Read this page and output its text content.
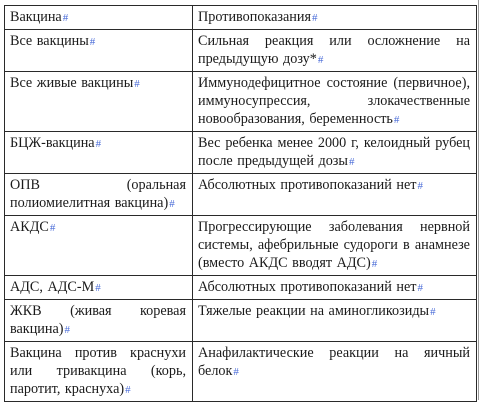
Вакцина#	Противопоказания#
Все вакцины#	Сильная реакция или осложнение на предыдущую дозу*#
Все живые вакцины#	Иммунодефицитное состояние (первичное), иммуносупрессия, злокачественные новообразования, беременность#
БЦЖ-вакцина#	Вес ребенка менее 2000 г, келоидный рубец после предыдущей дозы#
ОПВ (оральная полиомиелитная вакцина)#	Абсолютных противопоказаний нет#
АКДС#	Прогрессирующие заболевания нервной системы, афебрильные судороги в анамнезе (вместо АКДС вводят АДС)#
АДС, АДС-М#	Абсолютных противопоказаний нет#
ЖКВ (живая коревая вакцина)#	Тяжелые реакции на аминогликозиды#
Вакцина против краснухи или тривакцина (корь, паротит, краснуха)#	Анафилактические реакции на яичный белок#
